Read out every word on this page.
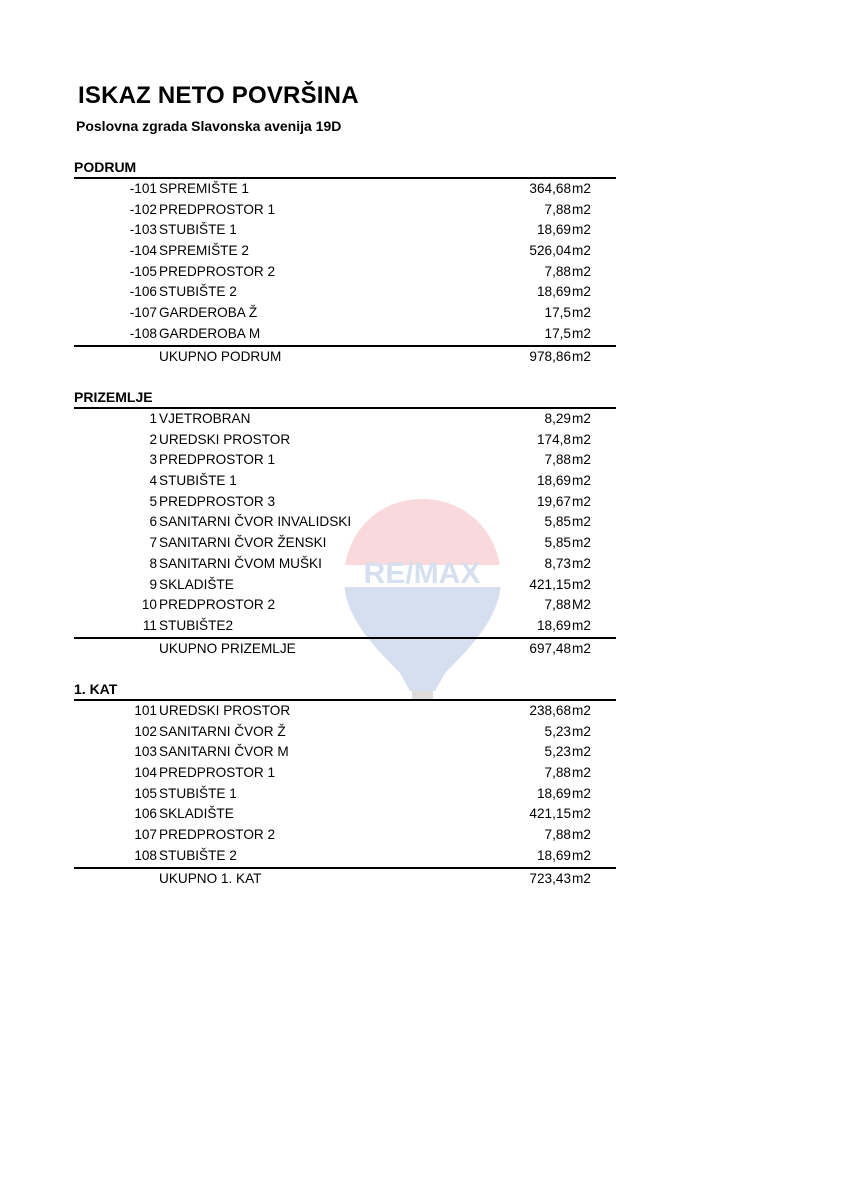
ISKAZ NETO POVRŠINA
Poslovna zgrada Slavonska avenija 19D
RE/MAX
PODRUM
-101 SPREMIŠTE 1	364,68 m2
-102 PREDPROSTOR 1	7,88 m2
-103 STUBIŠTE 1	18,69 m2
-104 SPREMIŠTE 2	526,04 m2
-105 PREDPROSTOR 2	7,88 m2
-106 STUBIŠTE 2	18,69 m2
-107 GARDEROBA Ž	17,5 m2
-108 GARDEROBA M	17,5 m2
UKUPNO PODRUM	978,86 m2
PRIZEMLJE
1 VJETROBRAN	8,29 m2
2 UREDSKI PROSTOR	174,8 m2
3 PREDPROSTOR 1	7,88 m2
4 STUBIŠTE 1	18,69 m2
5 PREDPROSTOR 3	19,67 m2
6 SANITARNI ČVOR INVALIDSKI	5,85 m2
7 SANITARNI ČVOR ŽENSKI	5,85 m2
8 SANITARNI ČVOM MUŠKI	8,73 m2
9 SKLADIŠTE	421,15 m2
10 PREDPROSTOR 2	7,88 M2
11 STUBIŠTE2	18,69 m2
UKUPNO PRIZEMLJE	697,48 m2
1. KAT
101 UREDSKI PROSTOR	238,68 m2
102 SANITARNI ČVOR Ž	5,23 m2
103 SANITARNI ČVOR M	5,23 m2
104 PREDPROSTOR 1	7,88 m2
105 STUBIŠTE 1	18,69 m2
106 SKLADIŠTE	421,15 m2
107 PREDPROSTOR 2	7,88 m2
108 STUBIŠTE 2	18,69 m2
UKUPNO 1. KAT	723,43 m2
